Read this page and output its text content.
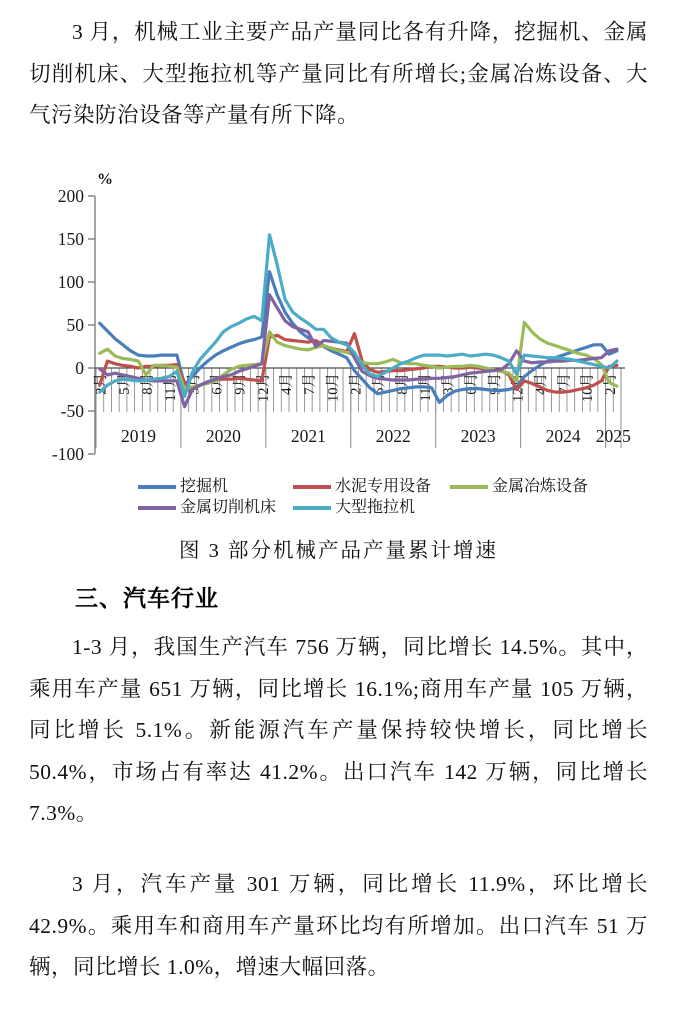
3 月，机械工业主要产品产量同比各有升降，挖掘机、金属切削机床、大型拖拉机等产量同比有所增长;金属冶炼设备、大气污染防治设备等产量有所下降。

200
150
100
50
0
-50
-100
%
2月 5月 8月 11月 3月 6月 9月 12月 4月 7月 10月 2月 5月 8月 11月 3月 6月 9月 12月 4月 7月 10月 2月
2019	2020	2021	2022	2023	2024 2025
挖掘机	水泥专用设备	金属冶炼设备
金属切削机床	大型拖拉机
图 3 部分机械产品产量累计增速
三、汽车行业

1-3 月，我国生产汽车 756 万辆，同比增长 14.5%。其中，乘用车产量 651 万辆，同比增长 16.1%;商用车产量 105 万辆，同比增长 5.1%。新能源汽车产量保持较快增长，同比增长 50.4%，市场占有率达 41.2%。出口汽车 142 万辆，同比增长 7.3%。

3 月，汽车产量 301 万辆，同比增长 11.9%，环比增长 42.9%。乘用车和商用车产量环比均有所增加。出口汽车 51 万辆，同比增长 1.0%，增速大幅回落。
